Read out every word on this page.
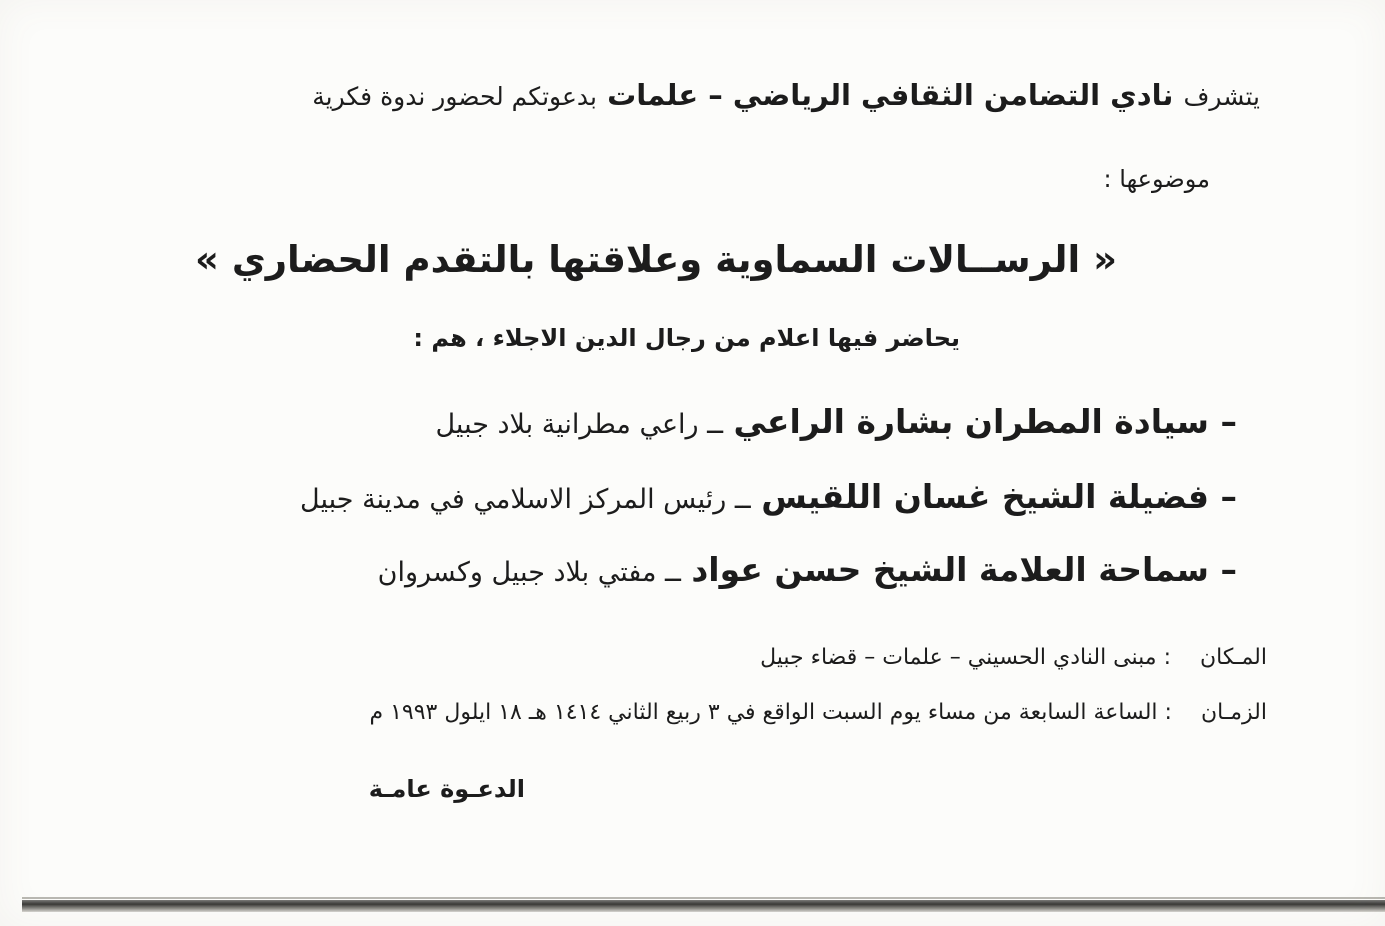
يتشرف نادي التضامن الثقافي الرياضي – علمات بدعوتكم لحضور ندوة فكرية
موضوعها :
« الرســالات السماوية وعلاقتها بالتقدم الحضاري »
يحاضر فيها اعلام من رجال الدين الاجلاء ، هم :
– سيادة المطران بشارة الراعي ــ راعي مطرانية بلاد جبيل
– فضيلة الشيخ غسان اللقيس ــ رئيس المركز الاسلامي في مدينة جبيل
– سماحة العلامة الشيخ حسن عواد ــ مفتي بلاد جبيل وكسروان
المـكان : مبنى النادي الحسيني – علمات – قضاء جبيل
الزمـان : الساعة السابعة من مساء يوم السبت الواقع في ٣ ربيع الثاني ١٤١٤ هـ ١٨ ايلول ١٩٩٣ م
الدعـوة عامـة
